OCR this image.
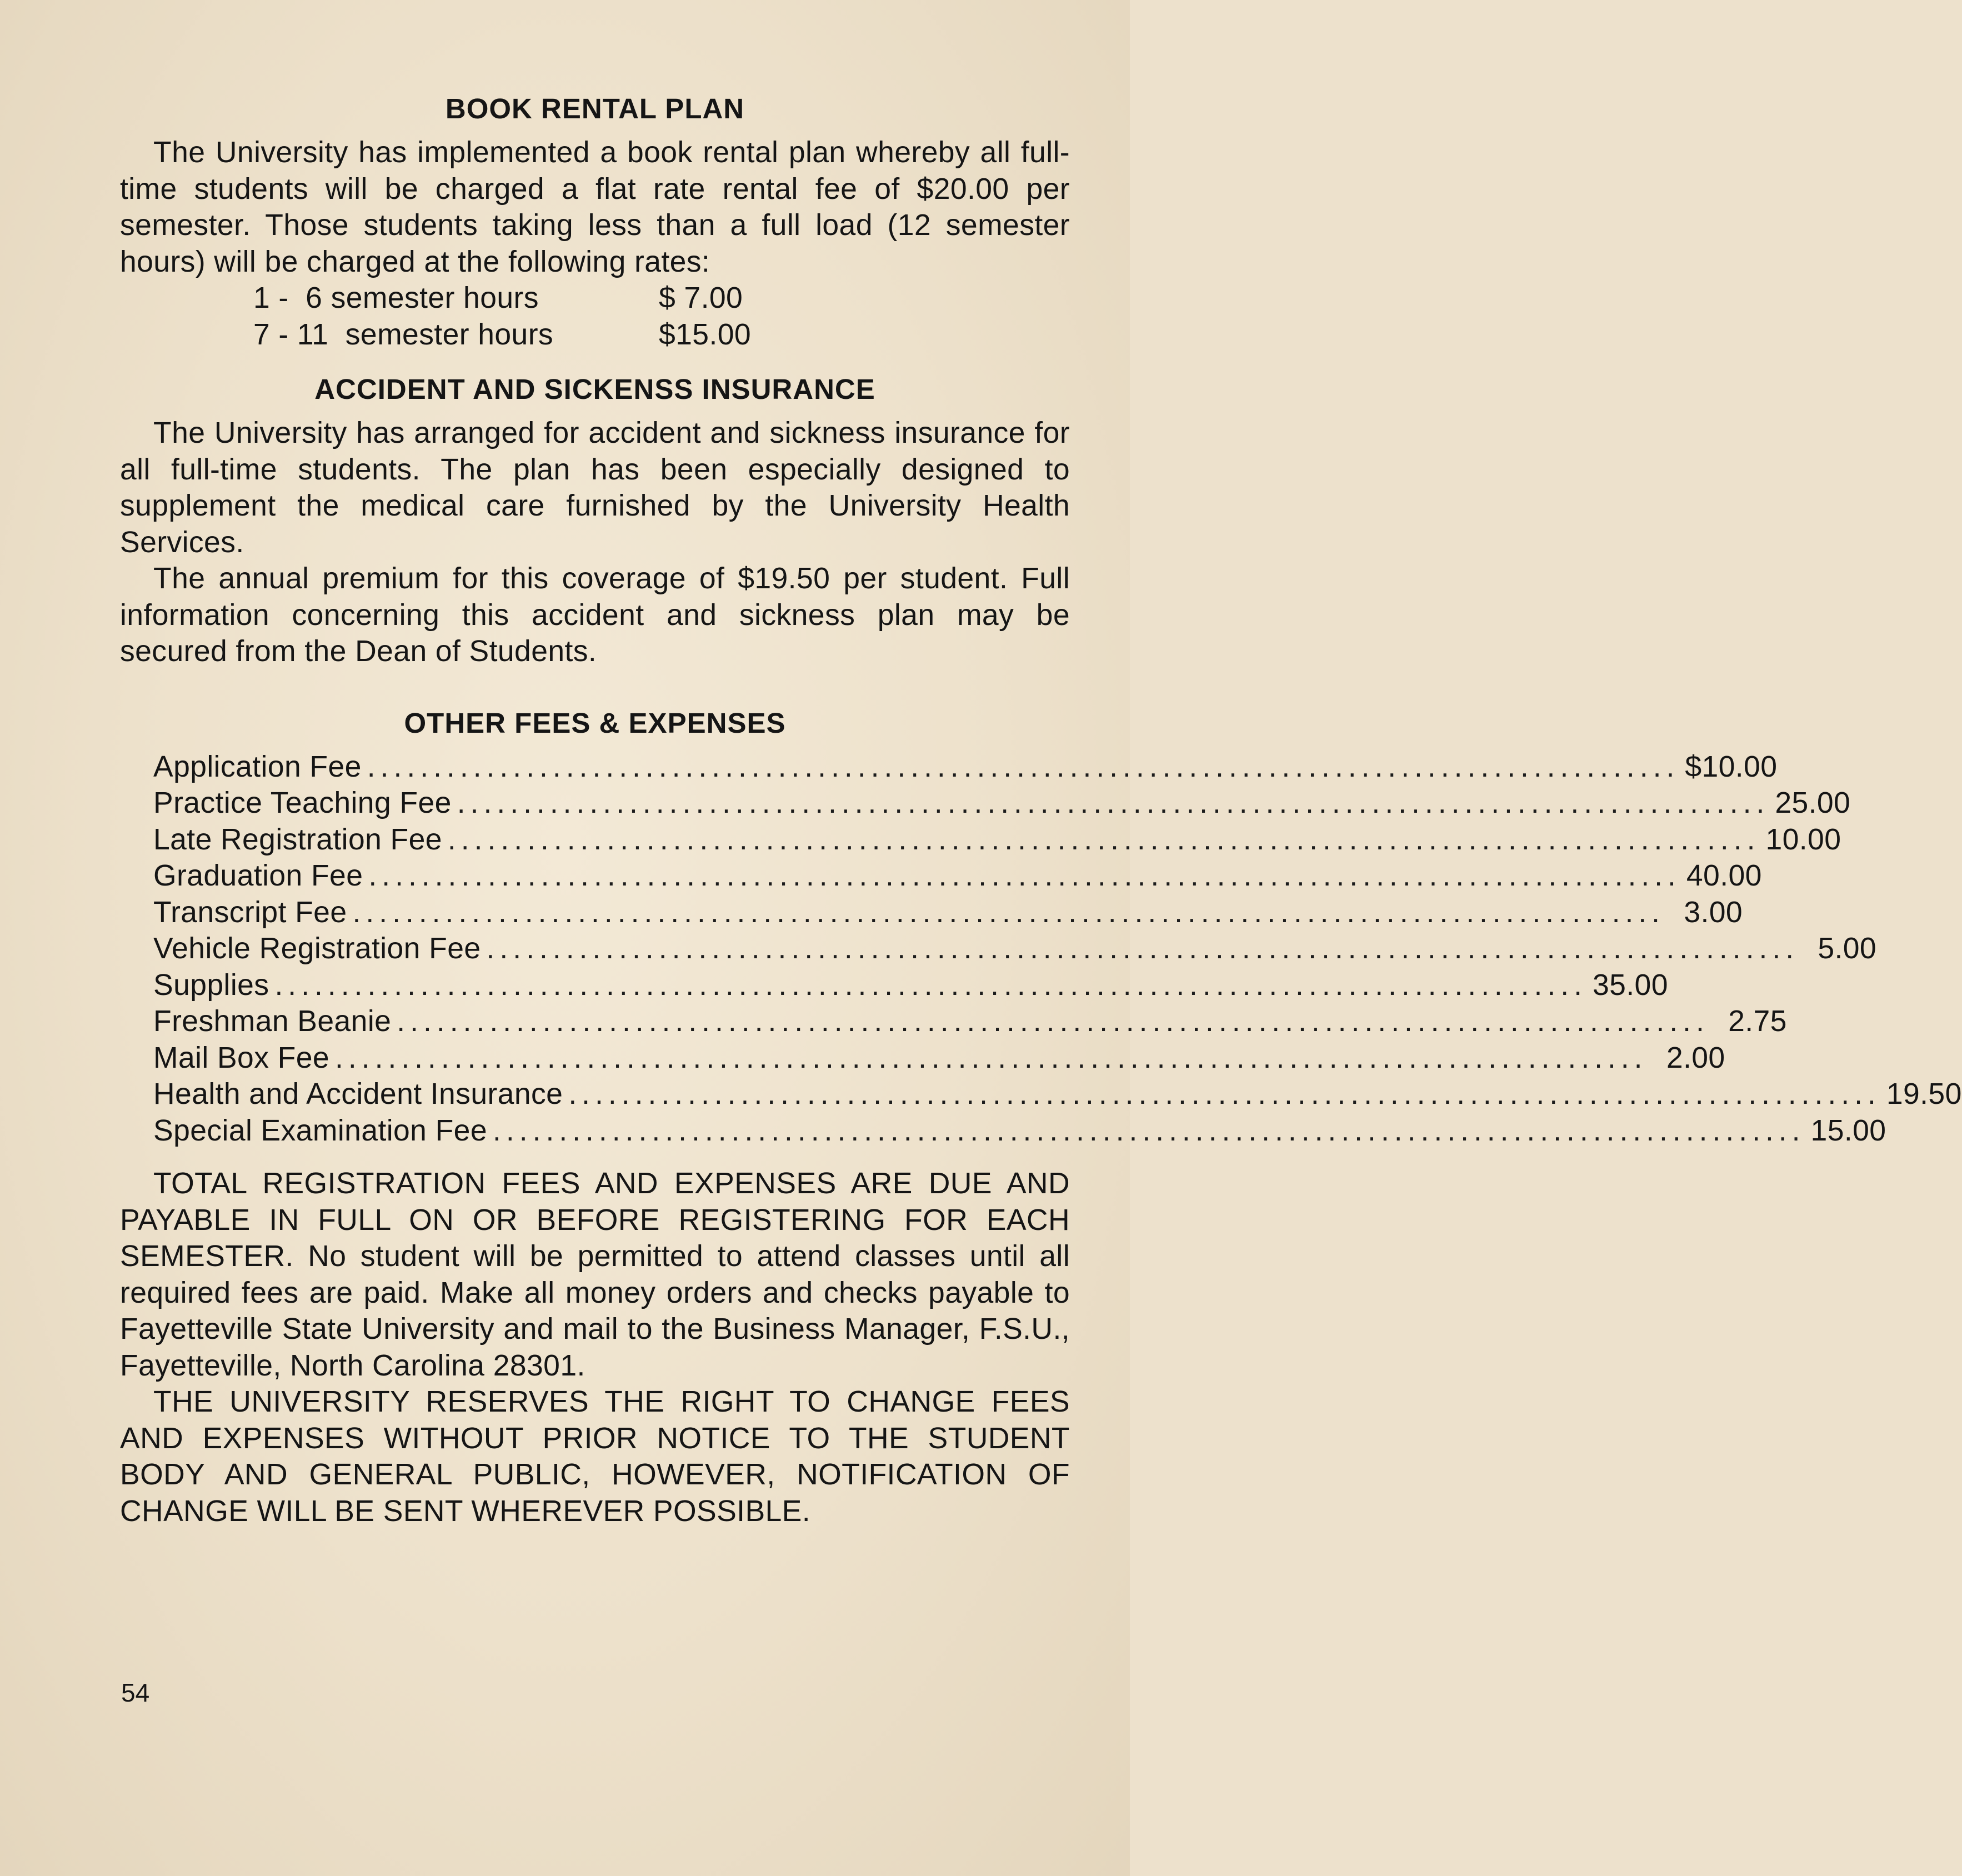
BOOK RENTAL PLAN

The University has implemented a book rental plan whereby all full-time students will be charged a flat rate rental fee of $20.00 per semester. Those students taking less than a full load (12 semester hours) will be charged at the following rates:

1 -  6 semester hours	$ 7.00
7 - 11  semester hours	$15.00
ACCIDENT AND SICKENSS INSURANCE

The University has arranged for accident and sickness insurance for all full-time students. The plan has been especially designed to supplement the medical care furnished by the University Health Services.

The annual premium for this coverage of $19.50 per student. Full information concerning this accident and sickness plan may be secured from the Dean of Students.

OTHER FEES & EXPENSES
Application Fee ................................................................................................... $10.00
Practice Teaching Fee ................................................................................................... 25.00
Late Registration Fee ................................................................................................... 10.00
Graduation Fee ................................................................................................... 40.00
Transcript Fee ................................................................................................... 3.00
Vehicle Registration Fee ................................................................................................... 5.00
Supplies ................................................................................................... 35.00
Freshman Beanie ................................................................................................... 2.75
Mail Box Fee ................................................................................................... 2.00
Health and Accident Insurance ................................................................................................... 19.50
Special Examination Fee ................................................................................................... 15.00

TOTAL REGISTRATION FEES AND EXPENSES ARE DUE AND PAYABLE IN FULL ON OR BEFORE REGISTERING FOR EACH SEMESTER. No student will be permitted to attend classes until all required fees are paid. Make all money orders and checks payable to Fayetteville State University and mail to the Business Manager, F.S.U., Fayetteville, North Carolina 28301.

THE UNIVERSITY RESERVES THE RIGHT TO CHANGE FEES AND EXPENSES WITHOUT PRIOR NOTICE TO THE STUDENT BODY AND GENERAL PUBLIC, HOWEVER, NOTIFICATION OF CHANGE WILL BE SENT WHEREVER POSSIBLE.

54
